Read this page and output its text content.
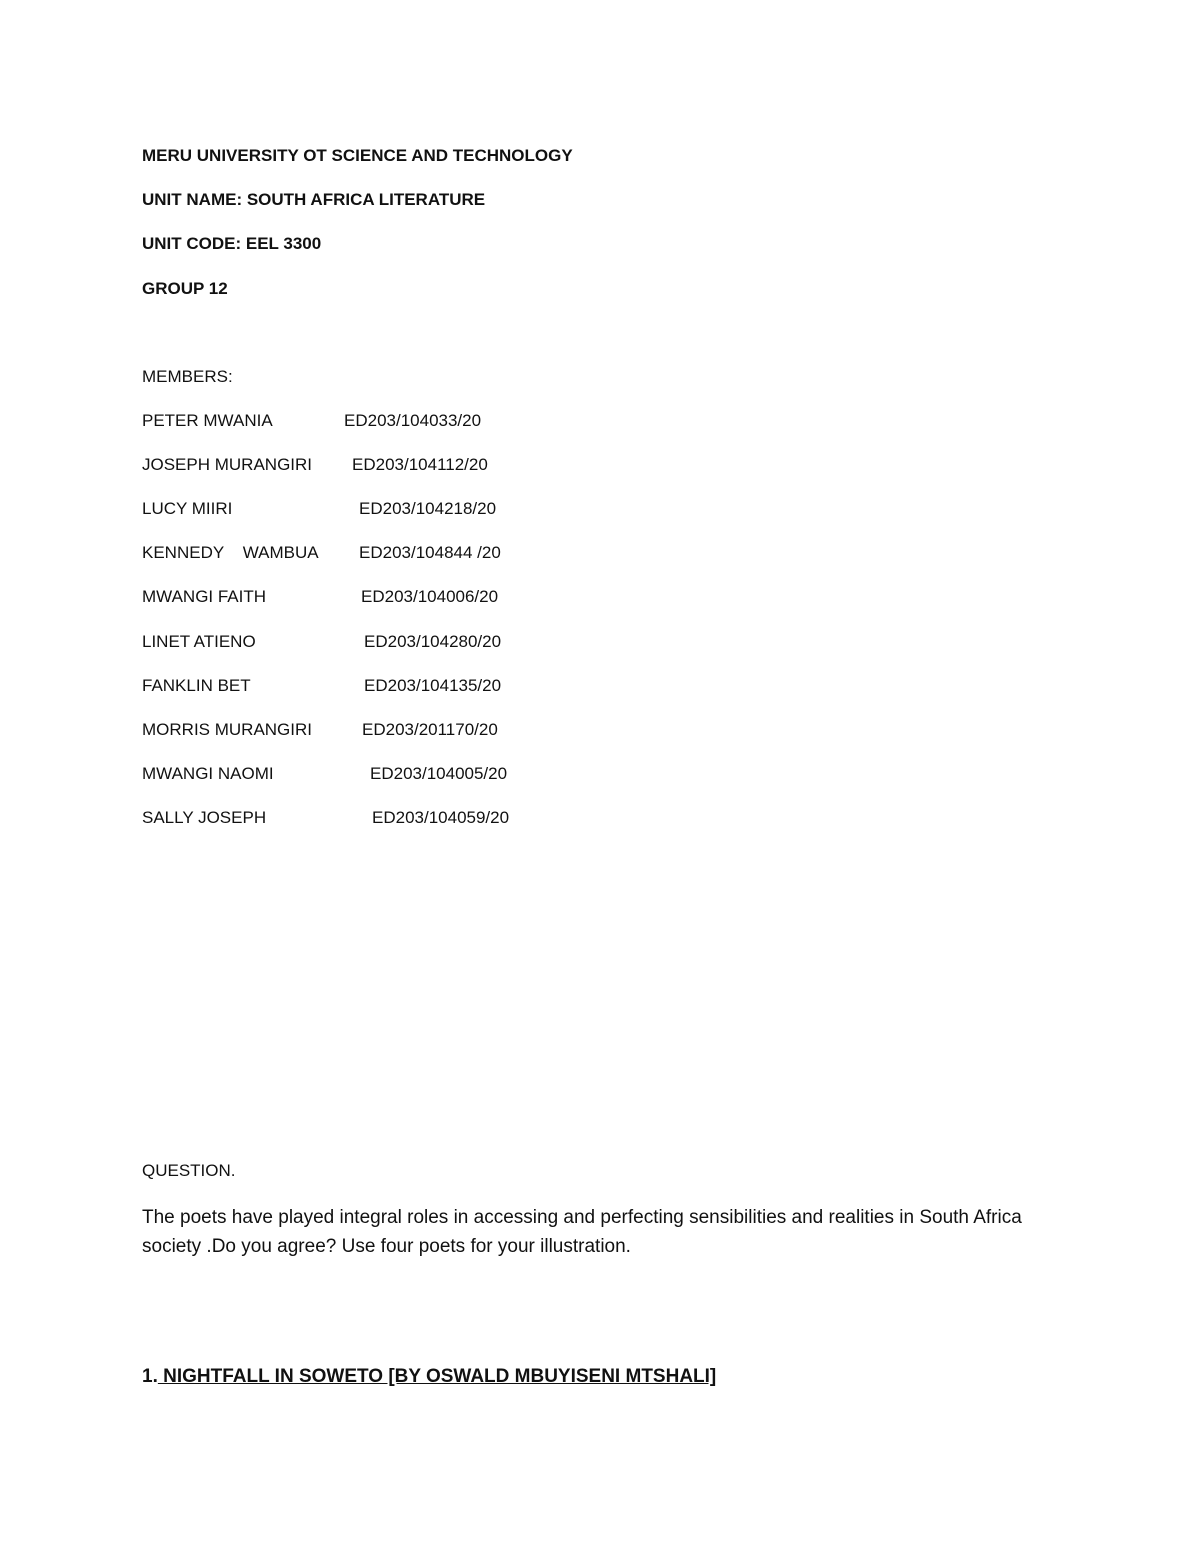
MERU UNIVERSITY OT SCIENCE AND TECHNOLOGY
UNIT NAME: SOUTH AFRICA LITERATURE
UNIT CODE: EEL 3300
GROUP 12
MEMBERS:
PETER MWANIA	ED203/104033/20
JOSEPH MURANGIRI ED203/104112/20
LUCY MIIRI	ED203/104218/20
KENNEDY    WAMBUA ED203/104844 /20
MWANGI FAITH	ED203/104006/20
LINET ATIENO	ED203/104280/20
FANKLIN BET	ED203/104135/20
MORRIS MURANGIRI	ED203/201170/20
MWANGI NAOMI	ED203/104005/20
SALLY JOSEPH	ED203/104059/20
QUESTION.
The poets have played integral roles in accessing and perfecting sensibilities and realities in South Africa society .Do you agree? Use four poets for your illustration.
1. NIGHTFALL IN SOWETO [BY OSWALD MBUYISENI MTSHALI]
